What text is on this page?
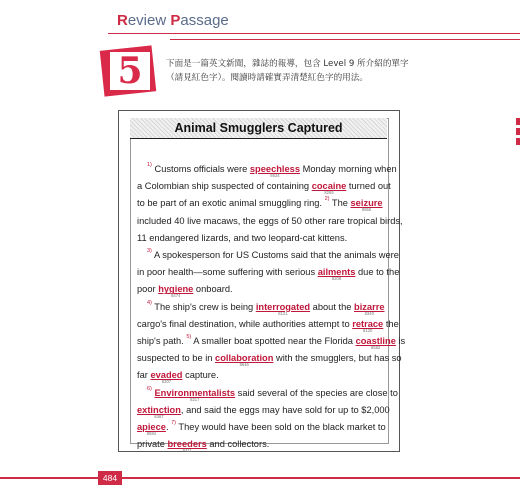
Review Passage
5	下面是一篇英文新聞，雜誌的報導，包含 Level 9 所介紹的單字（請見紅色字）。閱讀時請確實弄清楚紅色字的用法。
Animal Smugglers Captured
$^{1)}$ Customs officials were speechless
8624
Monday morning when
a Colombian ship suspected of containing cocaine
8265
turned out
to be part of an exotic animal smuggling ring. $^{2)}$ The seizure
8555
included 40 live macaws, the eggs of 50 other rare tropical birds,
11 endangered lizards, and two leopard-cat kittens.
$^{3)}$ A spokesperson for US Customs said that the animals were
in poor health—some suffering with serious ailments
8208
due to the
poor hygiene
8474
onboard.
$^{4)}$ The ship's crew is being interrogated
8121
about the bizarre
8340
cargo's final destination, while authorities attempt to retrace
8120
the
ship's path. $^{5)}$ A smaller boat spotted near the Florida coastline
8562
is
suspected to be in collaboration
8646
with the smugglers, but has so
far evaded
8307
capture.
$^{6)}$ Environmentalists
8217
said several of the species are close to
extinction
8367
, and said the eggs may have sold for up to $2,000
apiece
8684
. $^{7)}$ They would have been sold on the black market to
private breeders
8411
and collectors.
484
